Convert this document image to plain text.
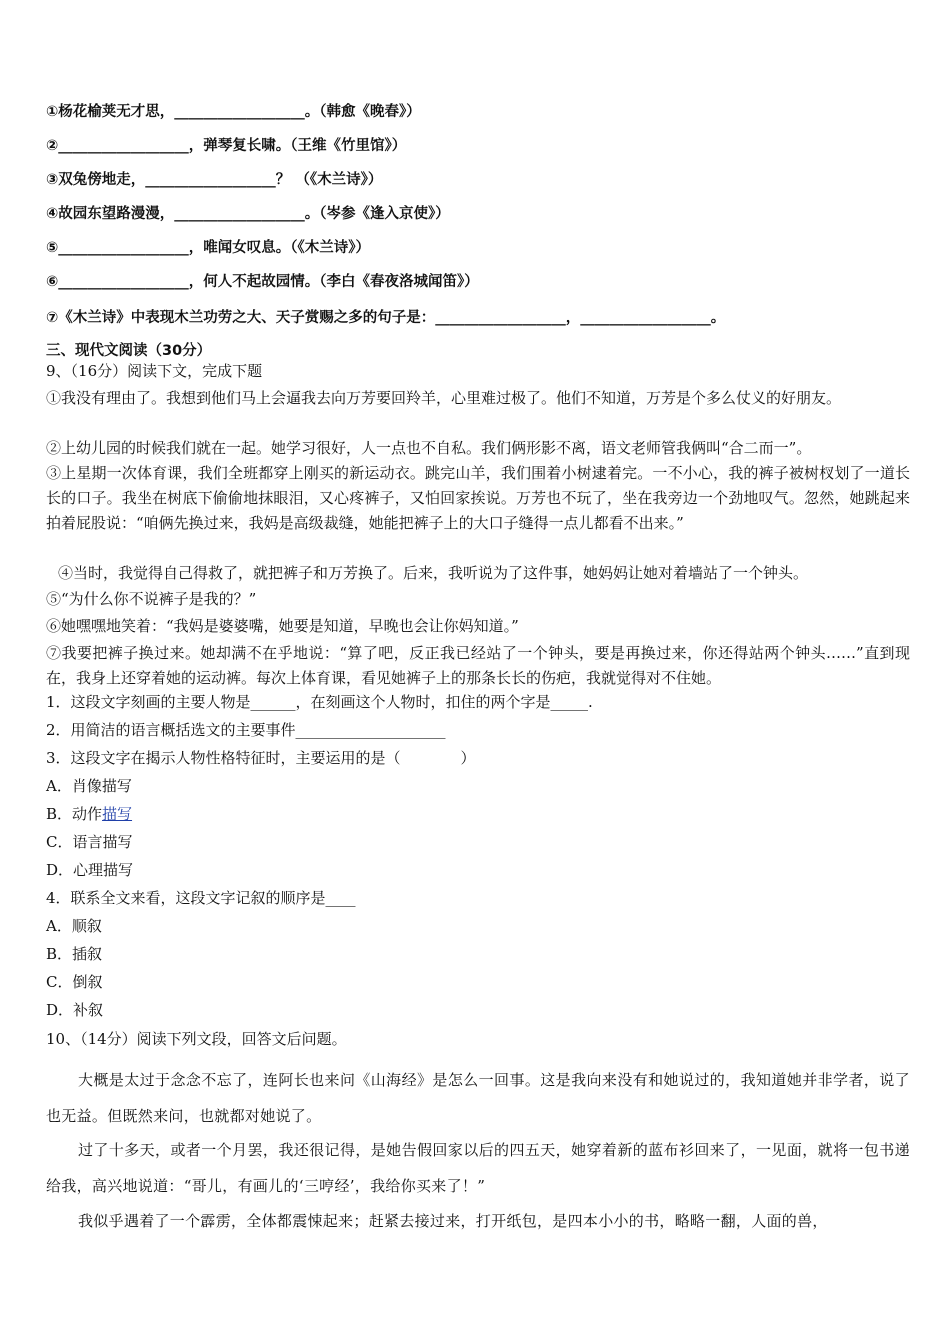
①杨花榆荚无才思，__________________。（韩愈《晚春》）
②__________________，弹琴复长啸。（王维《竹里馆》）
③双兔傍地走，__________________？ （《木兰诗》）
④故园东望路漫漫，__________________。（岑参《逢入京使》）
⑤__________________，唯闻女叹息。（《木兰诗》）
⑥__________________，何人不起故园情。（李白《春夜洛城闻笛》）
⑦《木兰诗》中表现木兰功劳之大、天子赏赐之多的句子是：__________________，__________________。
三、现代文阅读（30分）
9、（16分）阅读下文，完成下题
①我没有理由了。我想到他们马上会逼我去向万芳要回羚羊，心里难过极了。他们不知道，万芳是个多么仗义的好朋友。
②上幼儿园的时候我们就在一起。她学习很好，人一点也不自私。我们俩形影不离，语文老师管我俩叫“合二而一”。
③上星期一次体育课，我们全班都穿上刚买的新运动衣。跳完山羊，我们围着小树逮着完。一不小心，我的裤子被树杈划了一道长长的口子。我坐在树底下偷偷地抹眼泪，又心疼裤子，又怕回家挨说。万芳也不玩了，坐在我旁边一个劲地叹气。忽然，她跳起来拍着屁股说：“咱俩先换过来，我妈是高级裁缝，她能把裤子上的大口子缝得一点儿都看不出来。”
④当时，我觉得自己得救了，就把裤子和万芳换了。后来，我听说为了这件事，她妈妈让她对着墙站了一个钟头。
⑤“为什么你不说裤子是我的？”
⑥她嘿嘿地笑着：“我妈是婆婆嘴，她要是知道，早晚也会让你妈知道。”
⑦我要把裤子换过来。她却满不在乎地说：“算了吧，反正我已经站了一个钟头，要是再换过来，你还得站两个钟头……”直到现在，我身上还穿着她的运动裤。每次上体育课，看见她裤子上的那条长长的伤疤，我就觉得对不住她。
1．这段文字刻画的主要人物是______，在刻画这个人物时，扣住的两个字是_____.
2．用简洁的语言概括选文的主要事件____________________
3．这段文字在揭示人物性格特征时，主要运用的是（　　　　）
A．肖像描写
B．动作描写
C．语言描写
D．心理描写
4．联系全文来看，这段文字记叙的顺序是____
A．顺叙
B．插叙
C．倒叙
D．补叙
10、（14分）阅读下列文段，回答文后问题。
大概是太过于念念不忘了，连阿长也来问《山海经》是怎么一回事。这是我向来没有和她说过的，我知道她并非学者，说了也无益。但既然来问，也就都对她说了。
过了十多天，或者一个月罢，我还很记得，是她告假回家以后的四五天，她穿着新的蓝布衫回来了，一见面，就将一包书递给我，高兴地说道：“哥儿，有画儿的‘三哼经’，我给你买来了！”
我似乎遇着了一个霹雳，全体都震悚起来；赶紧去接过来，打开纸包，是四本小小的书，略略一翻，人面的兽，
